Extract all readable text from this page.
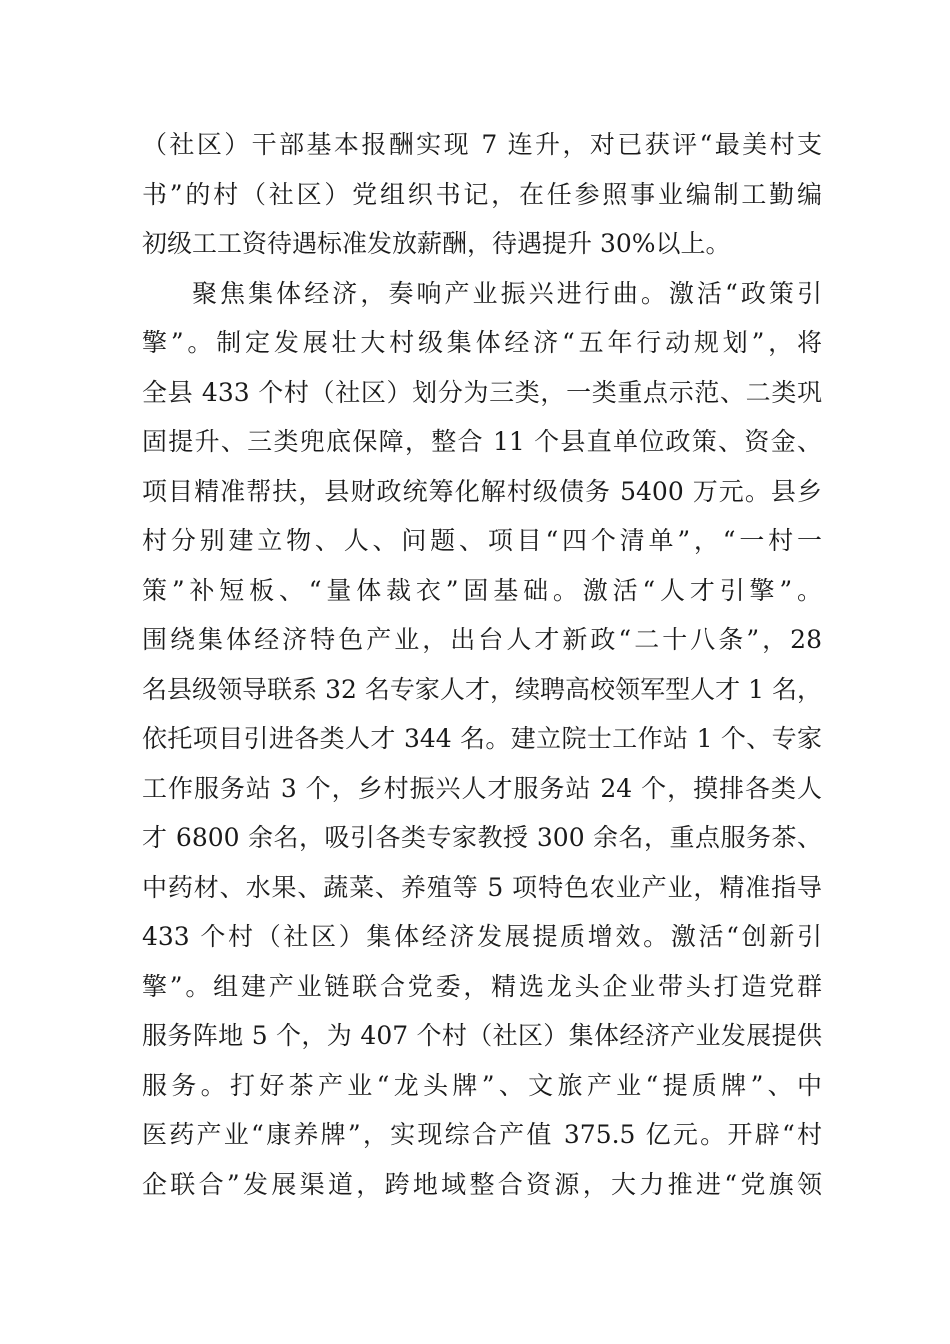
（社区）干部基本报酬实现 7 连升，对已获评“最美村支
书”的村（社区）党组织书记，在任参照事业编制工勤编
初级工工资待遇标准发放薪酬，待遇提升 30%以上。
聚焦集体经济，奏响产业振兴进行曲。激活“政策引
擎”。制定发展壮大村级集体经济“五年行动规划”，将
全县 433 个村（社区）划分为三类，一类重点示范、二类巩
固提升、三类兜底保障，整合 11 个县直单位政策、资金、
项目精准帮扶，县财政统筹化解村级债务 5400 万元。县乡
村分别建立物、人、问题、项目“四个清单”，“一村一
策”补短板、“量体裁衣”固基础。激活“人才引擎”。
围绕集体经济特色产业，出台人才新政“二十八条”，28
名县级领导联系 32 名专家人才，续聘高校领军型人才 1 名，
依托项目引进各类人才 344 名。建立院士工作站 1 个、专家
工作服务站 3 个，乡村振兴人才服务站 24 个，摸排各类人
才 6800 余名，吸引各类专家教授 300 余名，重点服务茶、
中药材、水果、蔬菜、养殖等 5 项特色农业产业，精准指导
433 个村（社区）集体经济发展提质增效。激活“创新引
擎”。组建产业链联合党委，精选龙头企业带头打造党群
服务阵地 5 个，为 407 个村（社区）集体经济产业发展提供
服务。打好茶产业“龙头牌”、文旅产业“提质牌”、中
医药产业“康养牌”，实现综合产值 375.5 亿元。开辟“村
企联合”发展渠道，跨地域整合资源，大力推进“党旗领
